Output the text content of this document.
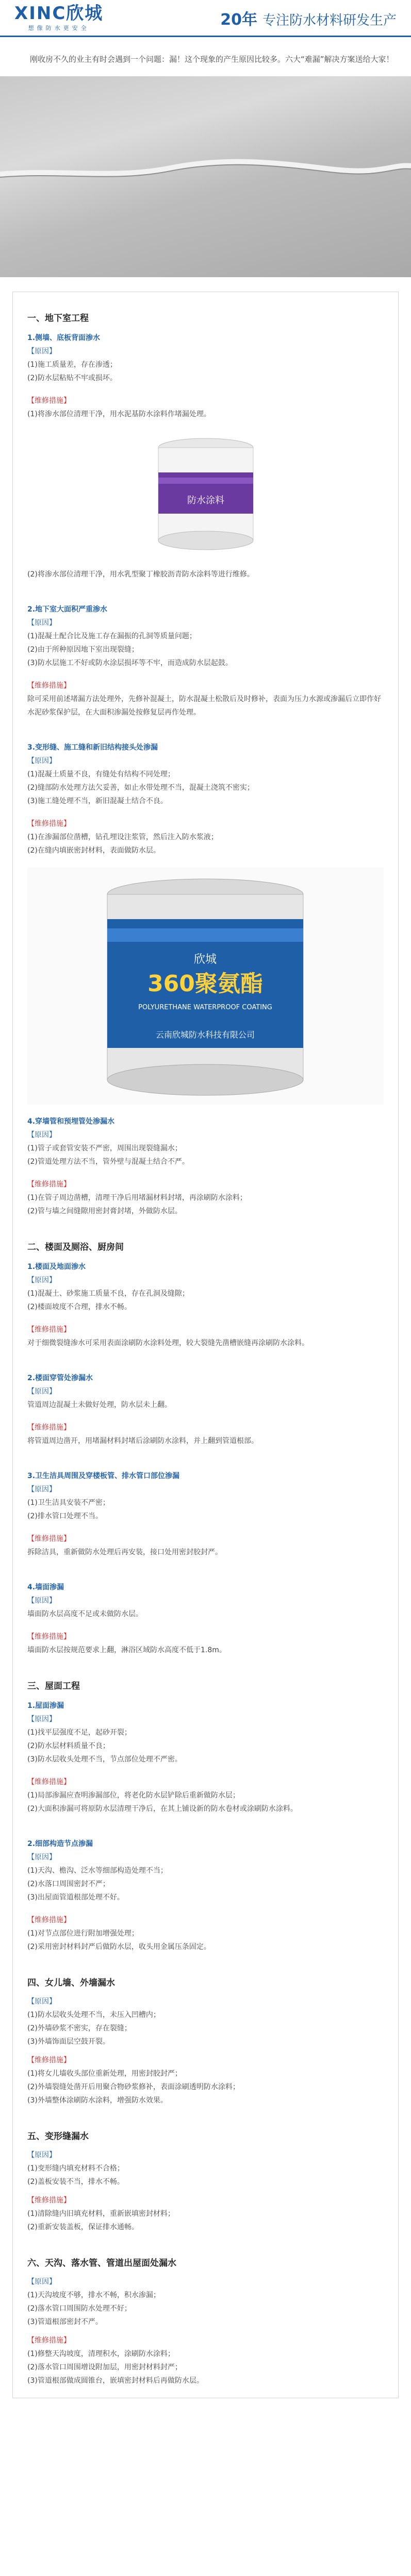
XINC欣城
想像防水更安全	20年 专注防水材料研发生产
刚收房不久的业主有时会遇到一个问题：漏！这个现象的产生原因比较多。六大“难漏”解决方案送给大家！
一、地下室工程
1.侧墙、底板背面渗水
【原因】
(1)施工质量差，存在渗透；
(2)防水层粘贴不牢或损坏。
【维修措施】
(1)将渗水部位清理干净，用水泥基防水涂料作堵漏处理。
防水涂料
(2)将渗水部位清理干净，用水乳型聚丁橡胶沥青防水涂料等进行维修。
2.地下室大面积严重渗水
【原因】
(1)混凝土配合比及施工存在漏振的孔洞等质量问题；
(2)由于所种原因地下室出现裂缝；
(3)防水层施工不好或防水涂层损坏等不牢，而造成防水层起鼓。
【维修措施】
除可采用前述堵漏方法处理外，先修补混凝土，防水混凝土松散后及时修补，表面为压力水源或渗漏后立即作好水泥砂浆保护层，在大面积渗漏处按修复层再作处理。
3.变形缝、施工缝和新旧结构接头处渗漏
【原因】
(1)混凝土质量不良，有缝处有结构不同处理；
(2)缝部防水处理方法欠妥善，如止水带处理不当，混凝土浇筑不密实；
(3)施工缝处理不当，新旧混凝土结合不良。
【维修措施】
(1)在渗漏部位凿槽，钻孔埋设注浆管，然后注入防水浆液；
(2)在缝内填嵌密封材料，表面做防水层。
欣城
360聚氨酯
POLYURETHANE WATERPROOF COATING
云南欣城防水科技有限公司
4.穿墙管和预埋管处渗漏水
【原因】
(1)管子或套管安装不严密，周围出现裂缝漏水；
(2)管道处理方法不当，管外壁与混凝土结合不严。
【维修措施】
(1)在管子周边凿槽，清理干净后用堵漏材料封堵，再涂刷防水涂料；
(2)管与墙之间缝隙用密封膏封堵，外做防水层。
二、楼面及厕浴、厨房间
1.楼面及地面渗水
【原因】
(1)混凝土、砂浆施工质量不良，存在孔洞及缝隙；
(2)楼面坡度不合理，排水不畅。
【维修措施】
对于细微裂缝渗水可采用表面涂刷防水涂料处理，较大裂缝先凿槽嵌缝再涂刷防水涂料。
2.楼面穿管处渗漏水
【原因】
管道周边混凝土未做好处理，防水层未上翻。
【维修措施】
将管道周边凿开，用堵漏材料封堵后涂刷防水涂料，并上翻到管道根部。
3.卫生洁具周围及穿楼板管、排水管口部位渗漏
【原因】
(1)卫生洁具安装不严密；
(2)排水管口处理不当。
【维修措施】
拆除洁具，重新做防水处理后再安装，接口处用密封胶封严。
4.墙面渗漏
【原因】
墙面防水层高度不足或未做防水层。
【维修措施】
墙面防水层按规范要求上翻，淋浴区域防水高度不低于1.8m。
三、屋面工程
1.屋面渗漏
【原因】
(1)找平层强度不足，起砂开裂；
(2)防水层材料质量不良；
(3)防水层收头处理不当，节点部位处理不严密。
【维修措施】
(1)局部渗漏应查明渗漏部位，将老化防水层铲除后重新做防水层；
(2)大面积渗漏可将原防水层清理干净后，在其上铺设新的防水卷材或涂刷防水涂料。
2.细部构造节点渗漏
【原因】
(1)天沟、檐沟、泛水等细部构造处理不当；
(2)水落口周围密封不严；
(3)出屋面管道根部处理不好。
【维修措施】
(1)对节点部位进行附加增强处理；
(2)采用密封材料封严后做防水层，收头用金属压条固定。
四、女儿墙、外墙漏水
【原因】
(1)防水层收头处理不当，未压入凹槽内；
(2)外墙砂浆不密实，存在裂缝；
(3)外墙饰面层空鼓开裂。
【维修措施】
(1)将女儿墙收头部位重新处理，用密封胶封严；
(2)外墙裂缝处凿开后用聚合物砂浆修补，表面涂刷透明防水涂料；
(3)外墙整体涂刷防水涂料，增强防水效果。
五、变形缝漏水
【原因】
(1)变形缝内填充材料不合格；
(2)盖板安装不当，排水不畅。
【维修措施】
(1)清除缝内旧填充材料，重新嵌填密封材料；
(2)重新安装盖板，保证排水通畅。
六、天沟、落水管、管道出屋面处漏水
【原因】
(1)天沟坡度不够，排水不畅，积水渗漏；
(2)落水管口周围防水处理不好；
(3)管道根部密封不严。
【维修措施】
(1)修整天沟坡度，清理积水，涂刷防水涂料；
(2)落水管口周围增设附加层，用密封材料封严；
(3)管道根部做成圆锥台，嵌填密封材料后再做防水层。
